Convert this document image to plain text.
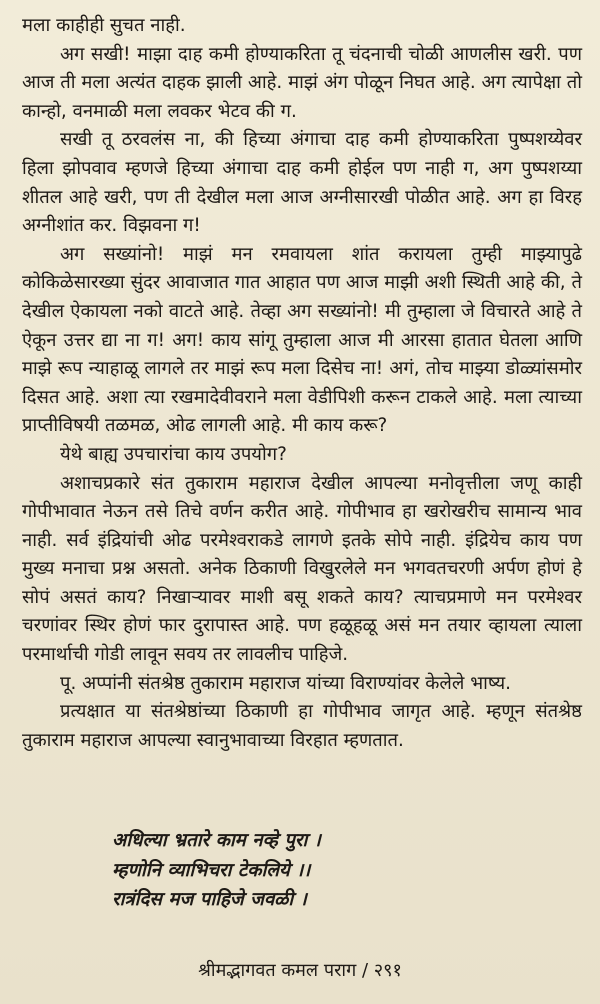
मला काहीही सुचत नाही.

अग सखी! माझा दाह कमी होण्याकरिता तू चंदनाची चोळी आणलीस खरी. पण आज ती मला अत्यंत दाहक झाली आहे. माझं अंग पोळून निघत आहे. अग त्यापेक्षा तो कान्हो, वनमाळी मला लवकर भेटव की ग.

सखी तू ठरवलंस ना, की हिच्या अंगाचा दाह कमी होण्याकरिता पुष्पशय्येवर हिला झोपवाव म्हणजे हिच्या अंगाचा दाह कमी होईल पण नाही ग, अग पुष्पशय्या शीतल आहे खरी, पण ती देखील मला आज अग्नीसारखी पोळीत आहे. अग हा विरह अग्नीशांत कर. विझवना ग!

अग सख्यांनो! माझं मन रमवायला शांत करायला तुम्ही माझ्यापुढे कोकिळेसारख्या सुंदर आवाजात गात आहात पण आज माझी अशी स्थिती आहे की, ते देखील ऐकायला नको वाटते आहे. तेव्हा अग सख्यांनो! मी तुम्हाला जे विचारते आहे ते ऐकून उत्तर द्या ना ग! अग! काय सांगू तुम्हाला आज मी आरसा हातात घेतला आणि माझे रूप न्याहाळू लागले तर माझं रूप मला दिसेच ना! अगं, तोच माझ्या डोळ्यांसमोर दिसत आहे. अशा त्या रखमादेवीवराने मला वेडीपिशी करून टाकले आहे. मला त्याच्या प्राप्तीविषयी तळमळ, ओढ लागली आहे. मी काय करू?

येथे बाह्य उपचारांचा काय उपयोग?

अशाचप्रकारे संत तुकाराम महाराज देखील आपल्या मनोवृत्तीला जणू काही गोपीभावात नेऊन तसे तिचे वर्णन करीत आहे. गोपीभाव हा खरोखरीच सामान्य भाव नाही. सर्व इंद्रियांची ओढ परमेश्वराकडे लागणे इतके सोपे नाही. इंद्रियेच काय पण मुख्य मनाचा प्रश्न असतो. अनेक ठिकाणी विखुरलेले मन भगवतचरणी अर्पण होणं हे सोपं असतं काय? निखाऱ्यावर माशी बसू शकते काय? त्याचप्रमाणे मन परमेश्वर चरणांवर स्थिर होणं फार दुरापास्त आहे. पण हळूहळू असं मन तयार व्हायला त्याला परमार्थाची गोडी लावून सवय तर लावलीच पाहिजे.

पू. अप्पांनी संतश्रेष्ठ तुकाराम महाराज यांच्या विराण्यांवर केलेले भाष्य.

प्रत्यक्षात या संतश्रेष्ठांच्या ठिकाणी हा गोपीभाव जागृत आहे. म्हणून संतश्रेष्ठ तुकाराम महाराज आपल्या स्वानुभावाच्या विरहात म्हणतात.

अधिल्या भ्रतारे काम नव्हे पुरा ।
म्हणोनि व्याभिचरा टेकलिये ।।
रात्रंदिस मज पाहिजे जवळी ।
श्रीमद्भागवत कमल पराग / २९१
